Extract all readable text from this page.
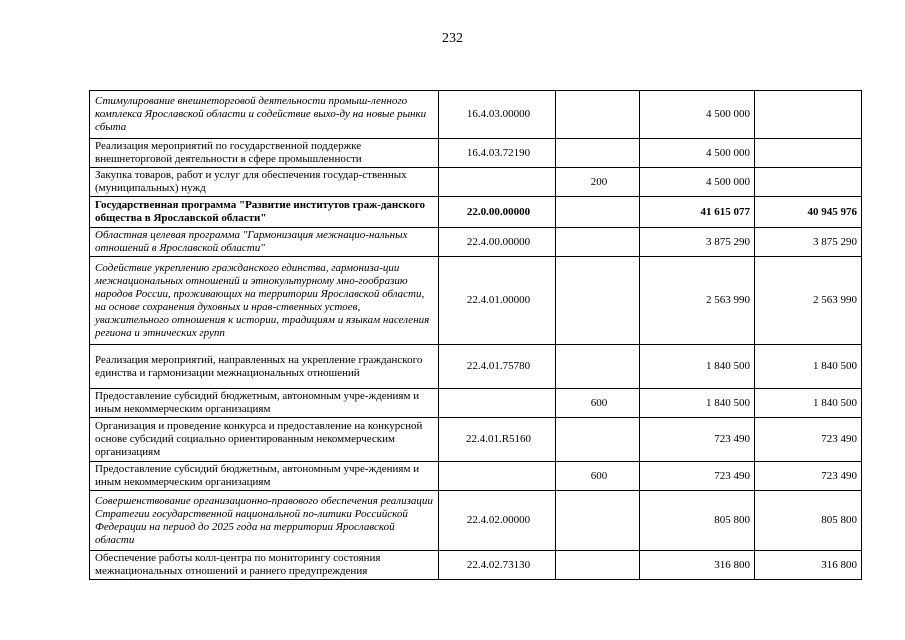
232
Стимулирование внешнеторговой деятельности промыш-ленного комплекса Ярославской области и содействие выхо-ду на новые рынки сбыта	16.4.03.00000		4 500 000	
Реализация мероприятий по государственной поддержке внешнеторговой деятельности в сфере промышленности	16.4.03.72190		4 500 000	
Закупка товаров, работ и услуг для обеспечения государ-ственных (муниципальных) нужд		200	4 500 000	
Государственная программа "Развитие институтов граж-данского общества в Ярославской области"	22.0.00.00000		41 615 077	40 945 976
Областная целевая программа "Гармонизация межнацио-нальных отношений в Ярославской области"	22.4.00.00000		3 875 290	3 875 290
Содействие укреплению гражданского единства, гармониза-ции межнациональных отношений и этнокультурному мно-гообразию народов России, проживающих на территории Ярославской области, на основе сохранения духовных и нрав-ственных устоев, уважительного отношения к истории, традициям и языкам населения региона и этнических групп	22.4.01.00000		2 563 990	2 563 990
Реализация мероприятий, направленных на укрепление гражданского единства и гармонизации межнациональных отношений	22.4.01.75780		1 840 500	1 840 500
Предоставление субсидий бюджетным, автономным учре-ждениям и иным некоммерческим организациям		600	1 840 500	1 840 500
Организация и проведение конкурса и предоставление на конкурсной основе субсидий социально ориентированным некоммерческим организациям	22.4.01.R5160		723 490	723 490
Предоставление субсидий бюджетным, автономным учре-ждениям и иным некоммерческим организациям		600	723 490	723 490
Совершенствование организационно-правового обеспечения реализации Стратегии государственной национальной по-литики Российской Федерации на период до 2025 года на территории Ярославской области	22.4.02.00000		805 800	805 800
Обеспечение работы колл-центра по мониторингу состояния межнациональных отношений и раннего предупреждения	22.4.02.73130		316 800	316 800
